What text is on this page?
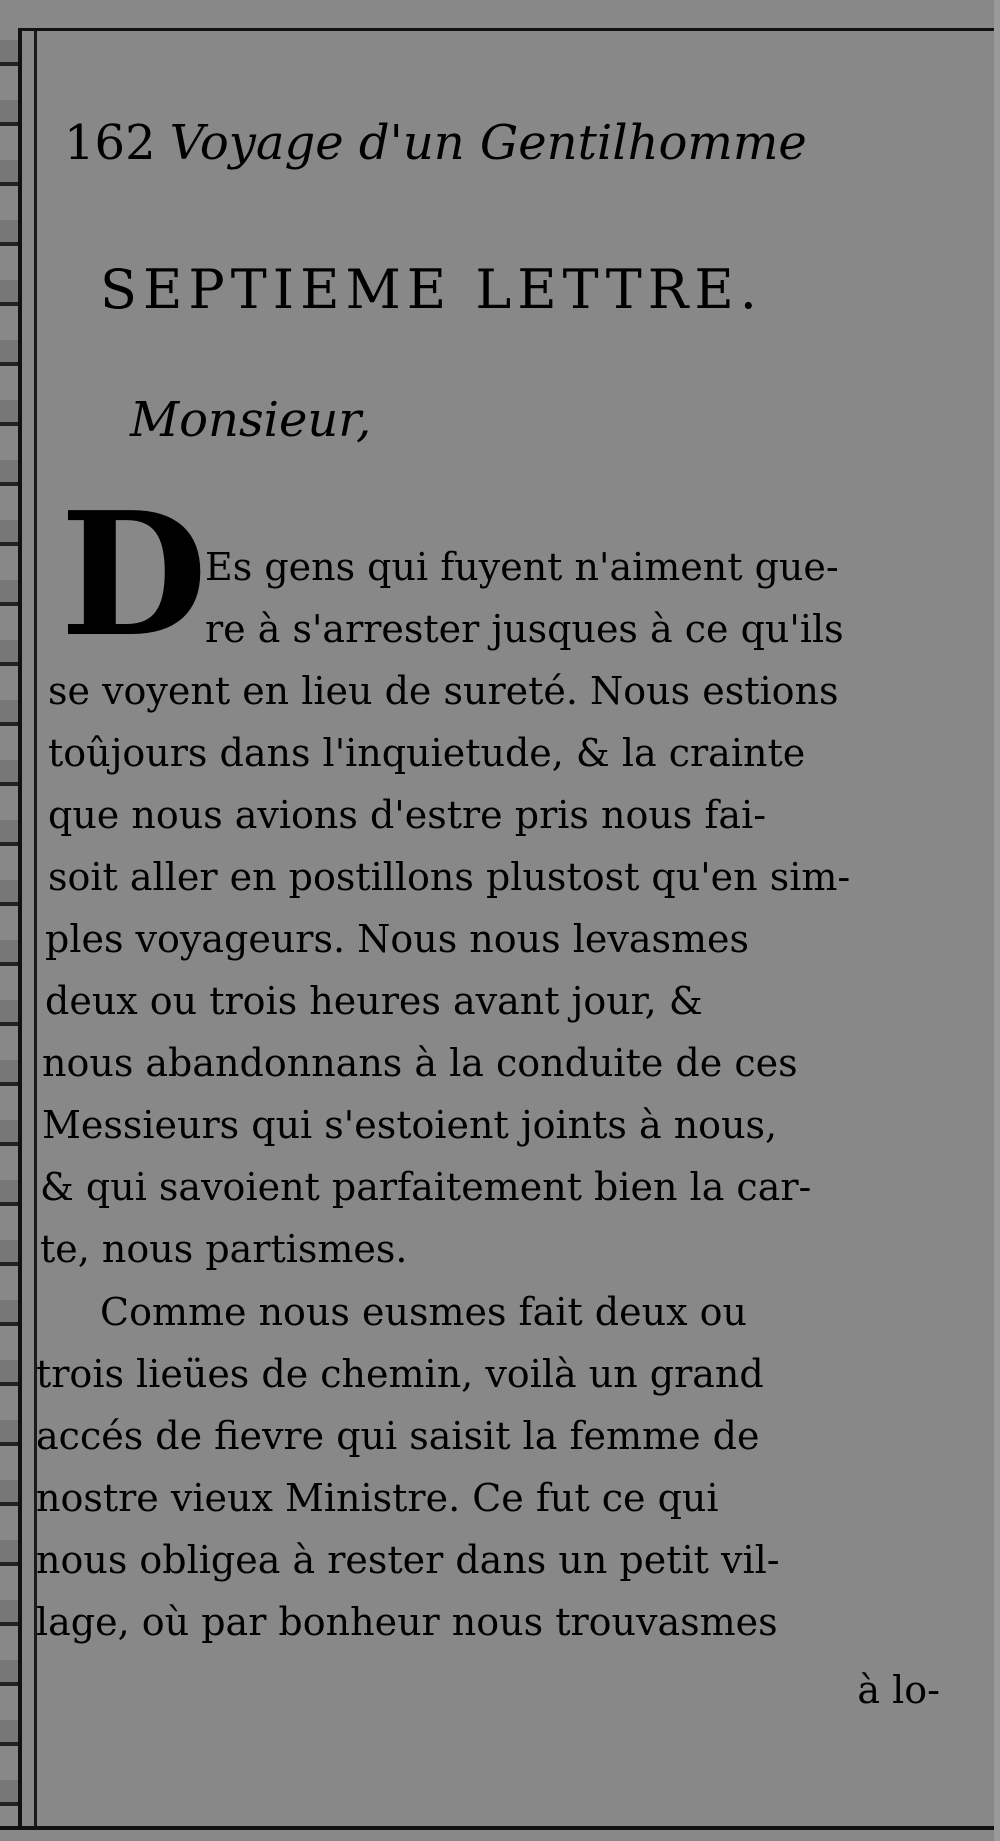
162 Voyage d'un Gentilhomme
SEPTIEME LETTRE.
Monsieur,
D
Es gens qui fuyent n'aiment gue-
re à s'arrester jusques à ce qu'ils
se voyent en lieu de sureté. Nous estions
toûjours dans l'inquietude, & la crainte
que nous avions d'estre pris nous fai-
soit aller en postillons plustost qu'en sim-
ples voyageurs. Nous nous levasmes
deux ou trois heures avant jour, &
nous abandonnans à la conduite de ces
Messieurs qui s'estoient joints à nous,
& qui savoient parfaitement bien la car-
te, nous partismes.
Comme nous eusmes fait deux ou
trois lieües de chemin, voilà un grand
accés de fievre qui saisit la femme de
nostre vieux Ministre. Ce fut ce qui
nous obligea à rester dans un petit vil-
lage, où par bonheur nous trouvasmes
à lo-
